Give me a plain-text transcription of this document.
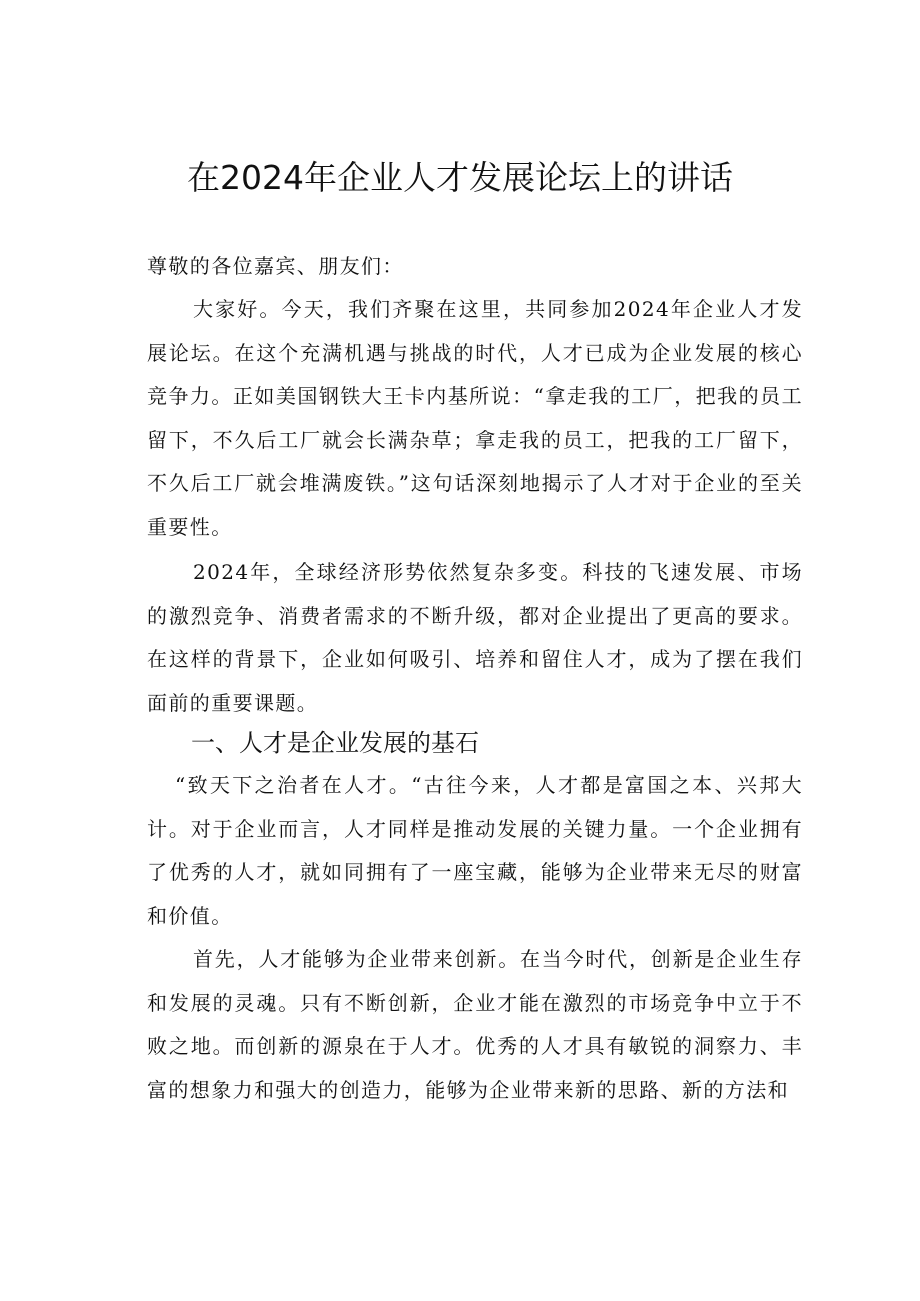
在2024年企业人才发展论坛上的讲话

尊敬的各位嘉宾、朋友们：

大家好。今天，我们齐聚在这里，共同参加2024年企业人才发展论坛。在这个充满机遇与挑战的时代，人才已成为企业发展的核心竞争力。正如美国钢铁大王卡内基所说：“拿走我的工厂，把我的员工留下，不久后工厂就会长满杂草；拿走我的员工，把我的工厂留下，不久后工厂就会堆满废铁。”这句话深刻地揭示了人才对于企业的至关重要性。

2024年，全球经济形势依然复杂多变。科技的飞速发展、市场的激烈竞争、消费者需求的不断升级，都对企业提出了更高的要求。在这样的背景下，企业如何吸引、培养和留住人才，成为了摆在我们面前的重要课题。

一、人才是企业发展的基石

“致天下之治者在人才。“古往今来，人才都是富国之本、兴邦大计。对于企业而言，人才同样是推动发展的关键力量。一个企业拥有了优秀的人才，就如同拥有了一座宝藏，能够为企业带来无尽的财富和价值。

首先，人才能够为企业带来创新。在当今时代，创新是企业生存和发展的灵魂。只有不断创新，企业才能在激烈的市场竞争中立于不败之地。而创新的源泉在于人才。优秀的人才具有敏锐的洞察力、丰富的想象力和强大的创造力，能够为企业带来新的思路、新的方法和
